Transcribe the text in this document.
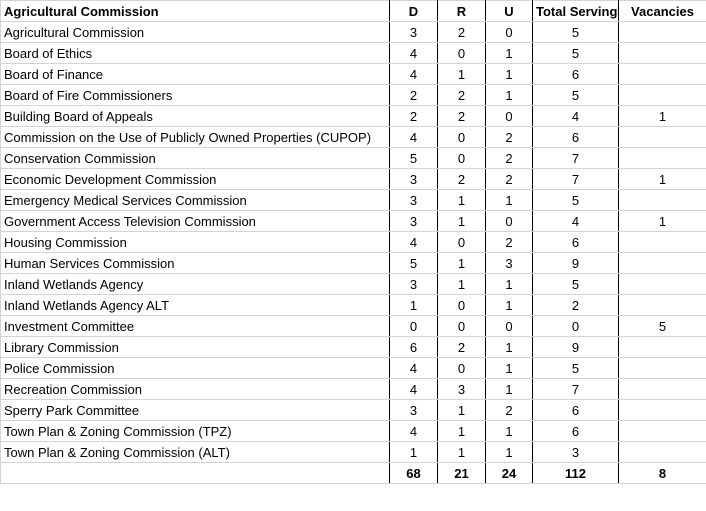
Agricultural Commission	D	R	U	Total Serving	Vacancies
Agricultural Commission	3	2	0	5	
Board of Ethics	4	0	1	5	
Board of Finance	4	1	1	6	
Board of Fire Commissioners	2	2	1	5	
Building Board of Appeals	2	2	0	4	1
Commission on the Use of Publicly Owned Properties (CUPOP)	4	0	2	6	
Conservation Commission	5	0	2	7	
Economic Development Commission	3	2	2	7	1
Emergency Medical Services Commission	3	1	1	5	
Government Access Television Commission	3	1	0	4	1
Housing Commission	4	0	2	6	
Human Services Commission	5	1	3	9	
Inland Wetlands Agency	3	1	1	5	
Inland Wetlands Agency ALT	1	0	1	2	
Investment Committee	0	0	0	0	5
Library Commission	6	2	1	9	
Police Commission	4	0	1	5	
Recreation Commission	4	3	1	7	
Sperry Park Committee	3	1	2	6	
Town Plan & Zoning Commission (TPZ)	4	1	1	6	
Town Plan & Zoning Commission (ALT)	1	1	1	3	
	68	21	24	112	8
